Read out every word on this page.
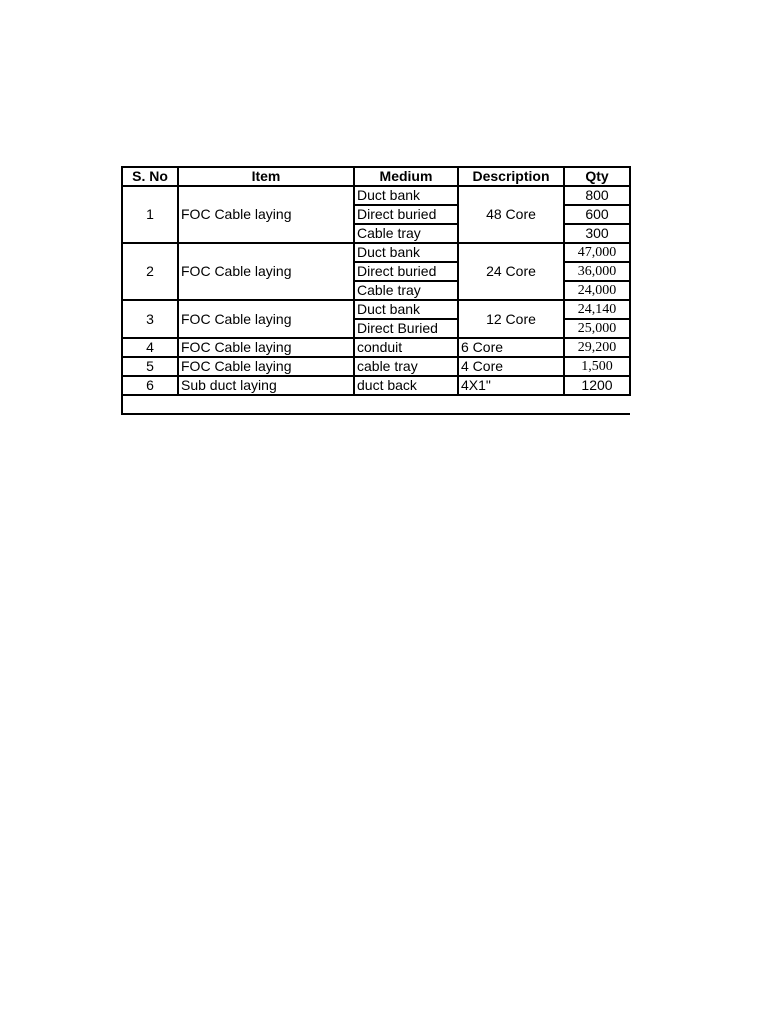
S. No	Item	Medium	Description	Qty
1	FOC Cable laying	Duct bank	48 Core	800
		Direct buried		600
		Cable tray		300
2	FOC Cable laying	Duct bank	24 Core	47,000
		Direct buried		36,000
		Cable tray		24,000
3	FOC Cable laying	Duct bank	12 Core	24,140
		Direct Buried		25,000
4	FOC Cable laying	conduit	6 Core	29,200
5	FOC Cable laying	cable tray	4 Core	1,500
6	Sub duct laying	duct back	4X1"	1200
